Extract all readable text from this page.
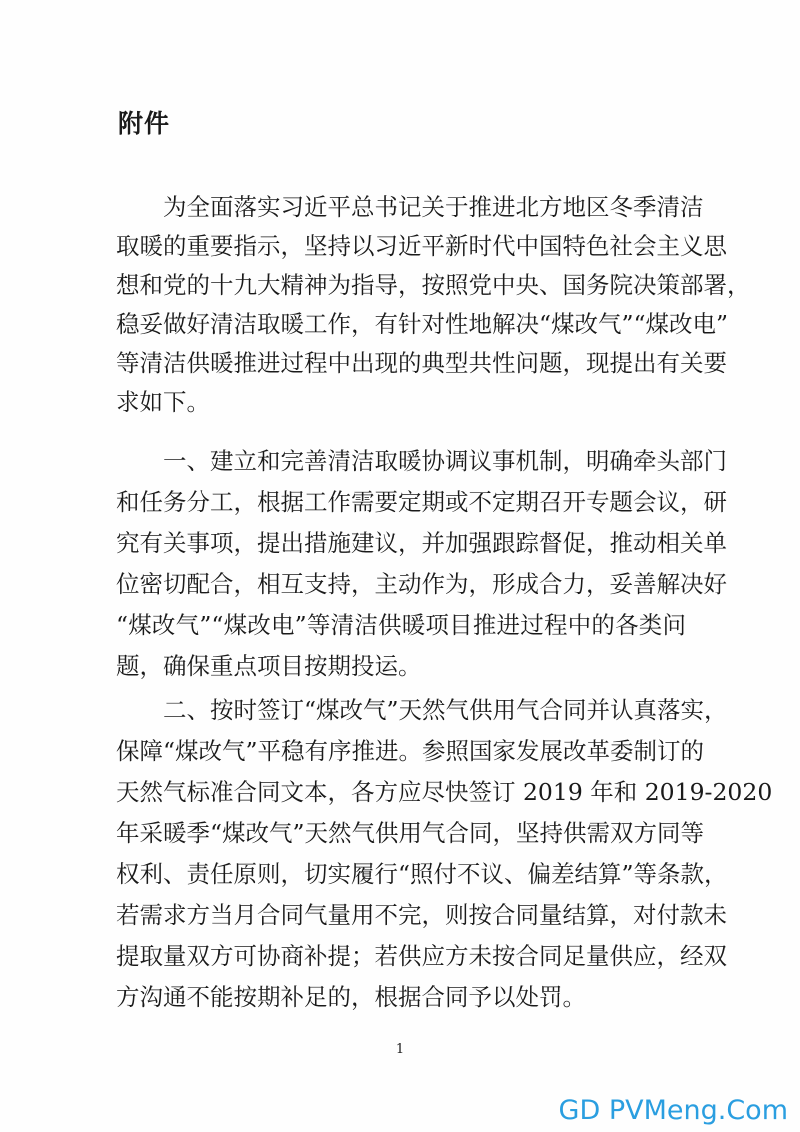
附件
为全面落实习近平总书记关于推进北方地区冬季清洁
取暖的重要指示，坚持以习近平新时代中国特色社会主义思
想和党的十九大精神为指导，按照党中央、国务院决策部署，
稳妥做好清洁取暖工作，有针对性地解决“煤改气”“煤改电”
等清洁供暖推进过程中出现的典型共性问题，现提出有关要
求如下。
一、建立和完善清洁取暖协调议事机制，明确牵头部门
和任务分工，根据工作需要定期或不定期召开专题会议，研
究有关事项，提出措施建议，并加强跟踪督促，推动相关单
位密切配合，相互支持，主动作为，形成合力，妥善解决好
“煤改气”“煤改电”等清洁供暖项目推进过程中的各类问
题，确保重点项目按期投运。
二、按时签订“煤改气”天然气供用气合同并认真落实，
保障“煤改气”平稳有序推进。参照国家发展改革委制订的
天然气标准合同文本，各方应尽快签订 2019 年和 2019-2020
年采暖季“煤改气”天然气供用气合同，坚持供需双方同等
权利、责任原则，切实履行“照付不议、偏差结算”等条款，
若需求方当月合同气量用不完，则按合同量结算，对付款未
提取量双方可协商补提；若供应方未按合同足量供应，经双
方沟通不能按期补足的，根据合同予以处罚。
1
GD PVMeng.Com
